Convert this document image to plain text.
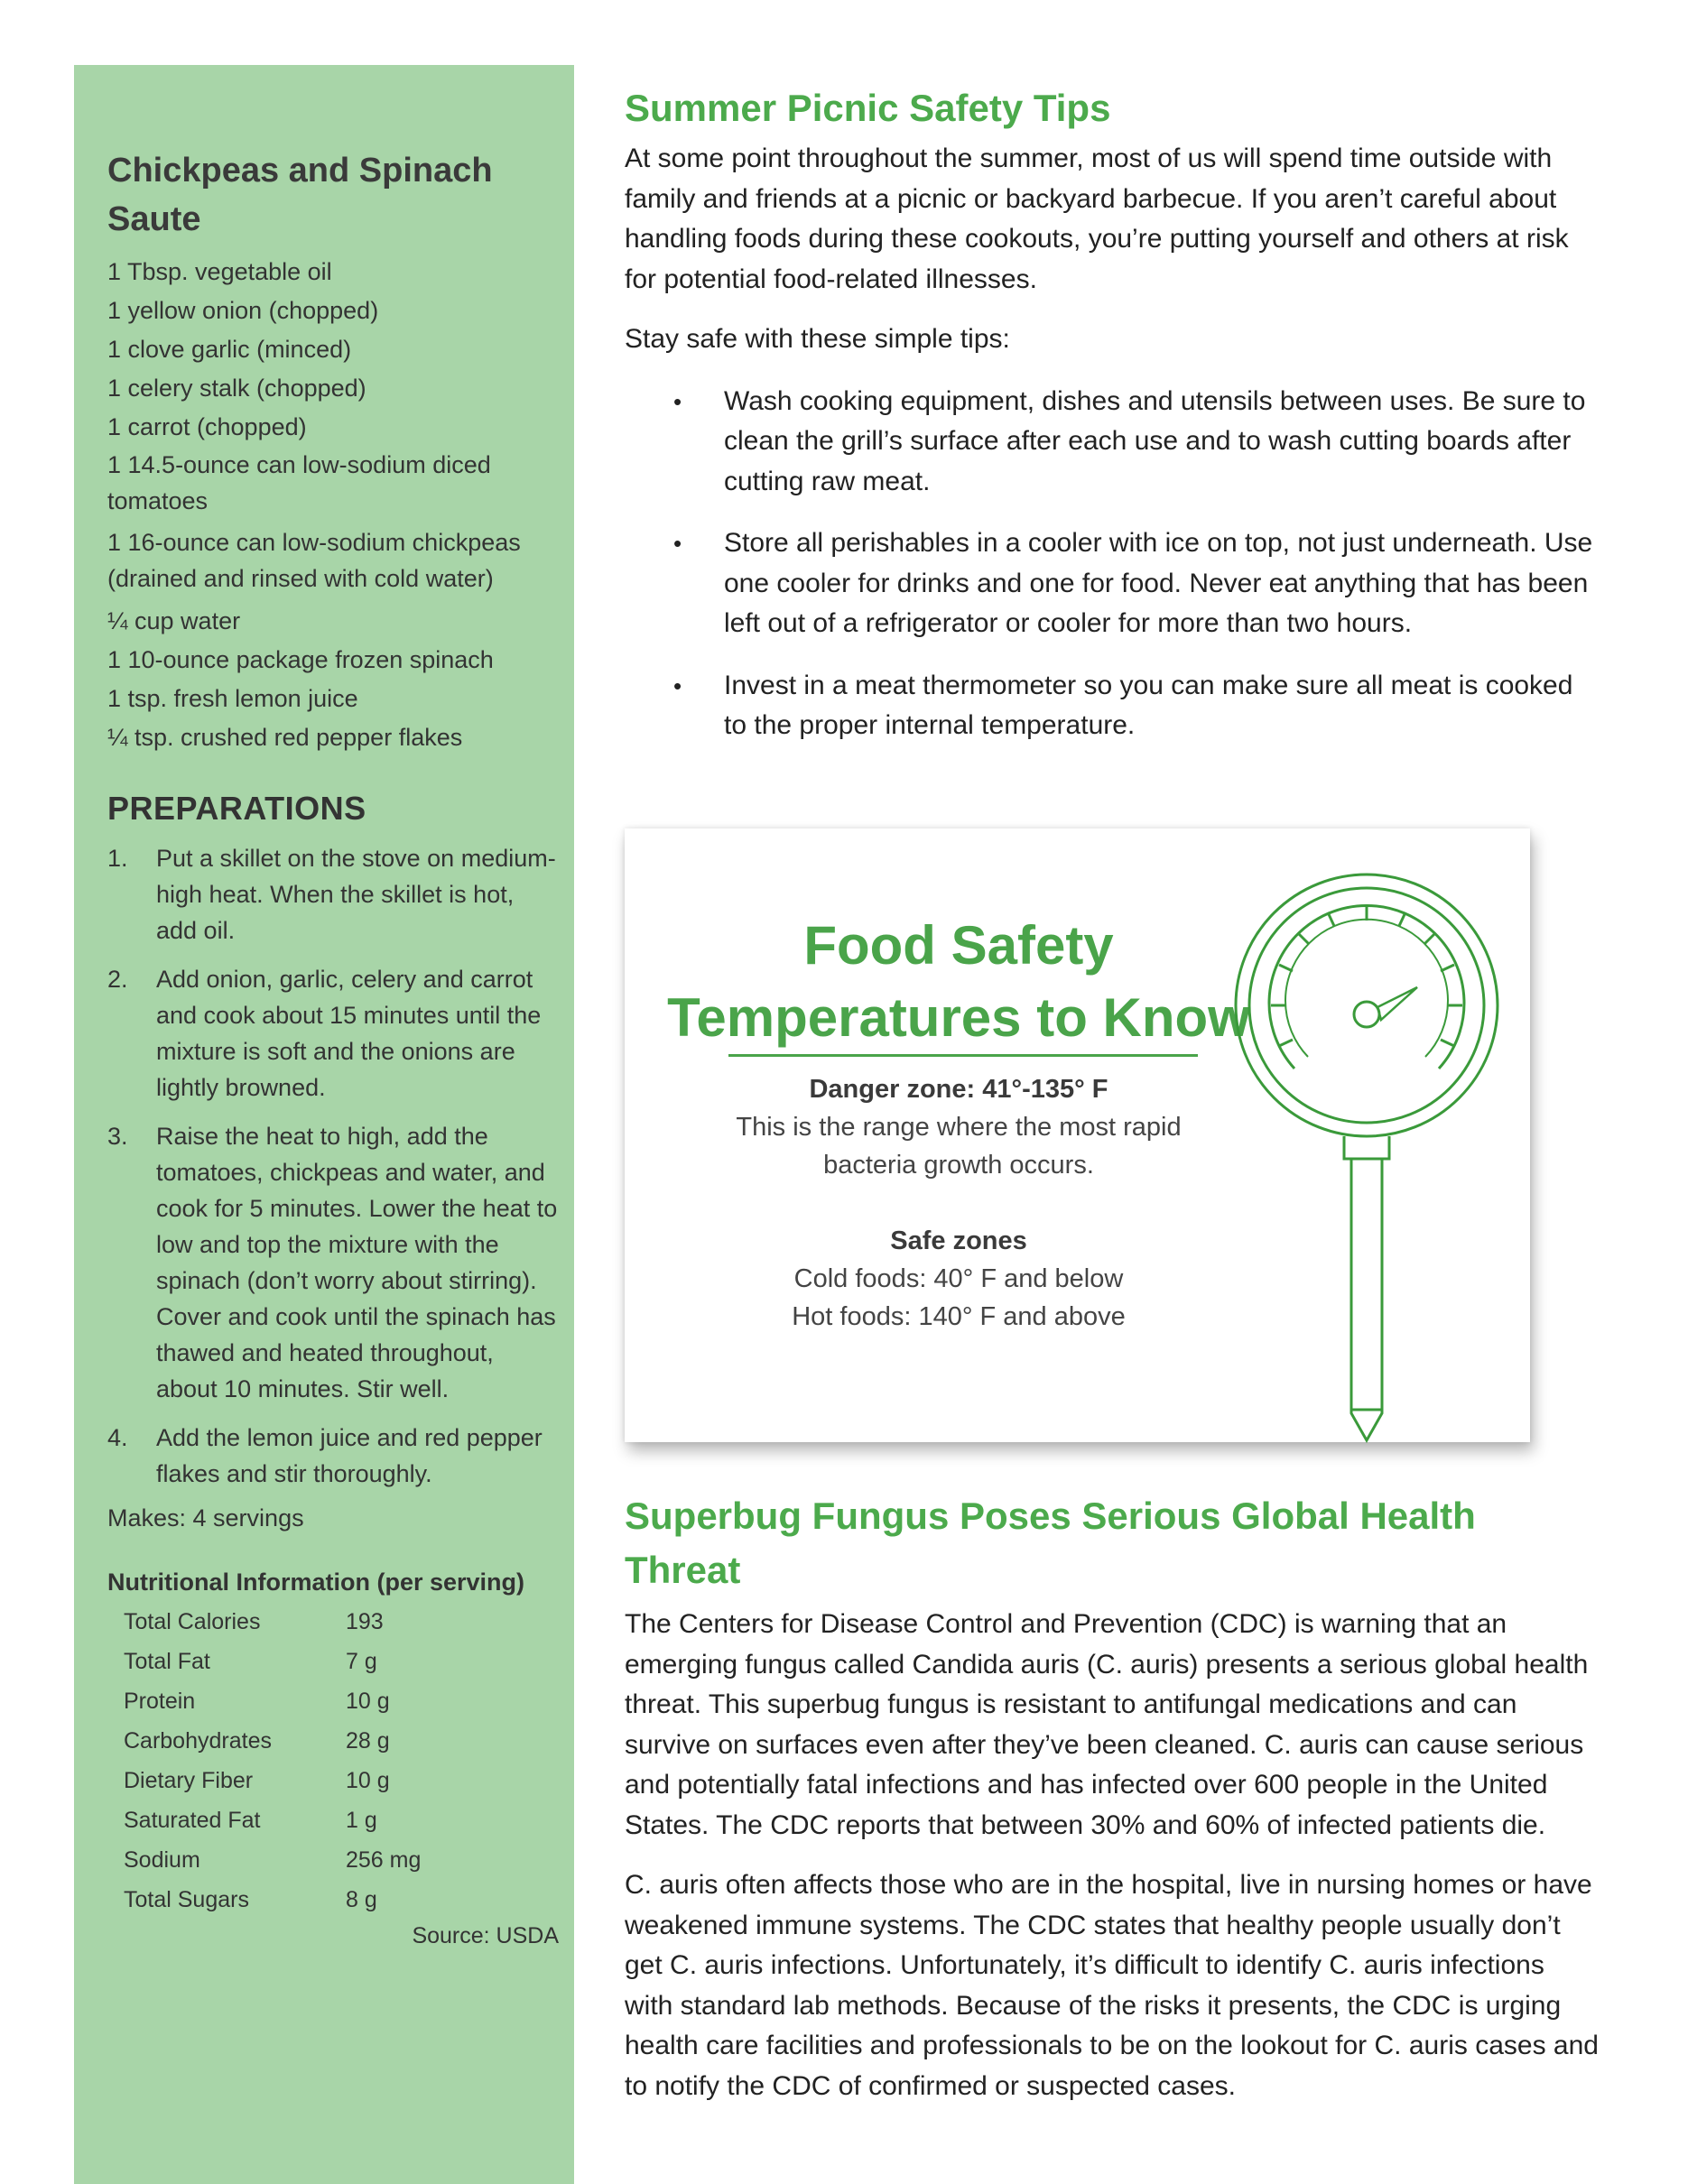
Chickpeas and Spinach Saute
1 Tbsp. vegetable oil
1 yellow onion (chopped)
1 clove garlic (minced)
1 celery stalk (chopped)
1 carrot (chopped)
1 14.5-ounce can low-sodium diced tomatoes
1 16-ounce can low-sodium chickpeas (drained and rinsed with cold water)
¼ cup water
1 10-ounce package frozen spinach
1 tsp. fresh lemon juice
¼ tsp. crushed red pepper flakes
PREPARATIONS
1. Put a skillet on the stove on medium-high heat. When the skillet is hot, add oil.
2. Add onion, garlic, celery and carrot and cook about 15 minutes until the mixture is soft and the onions are lightly browned.
3. Raise the heat to high, add the tomatoes, chickpeas and water, and cook for 5 minutes. Lower the heat to low and top the mixture with the spinach (don’t worry about stirring). Cover and cook until the spinach has thawed and heated throughout, about 10 minutes. Stir well.
4. Add the lemon juice and red pepper flakes and stir thoroughly.
Makes: 4 servings
Nutritional Information (per serving)
Total Calories	193
Total Fat	7 g
Protein	10 g
Carbohydrates	28 g
Dietary Fiber	10 g
Saturated Fat	1 g
Sodium	256 mg
Total Sugars	8 g
Source: USDA
Summer Picnic Safety Tips

At some point throughout the summer, most of us will spend time outside with family and friends at a picnic or backyard barbecue. If you aren’t careful about handling foods during these cookouts, you’re putting yourself and others at risk for potential food-related illnesses.

Stay safe with these simple tips:

• Wash cooking equipment, dishes and utensils between uses. Be sure to clean the grill’s surface after each use and to wash cutting boards after cutting raw meat.
• Store all perishables in a cooler with ice on top, not just underneath. Use one cooler for drinks and one for food. Never eat anything that has been left out of a refrigerator or cooler for more than two hours.
• Invest in a meat thermometer so you can make sure all meat is cooked to the proper internal temperature.
Food Safety
Temperatures to Know
Danger zone: 41°-135° F
This is the range where the most rapid
bacteria growth occurs.
Safe zones
Cold foods: 40° F and below
Hot foods: 140° F and above
Superbug Fungus Poses Serious Global Health Threat

The Centers for Disease Control and Prevention (CDC) is warning that an emerging fungus called Candida auris (C. auris) presents a serious global health threat. This superbug fungus is resistant to antifungal medications and can survive on surfaces even after they’ve been cleaned. C. auris can cause serious and potentially fatal infections and has infected over 600 people in the United States. The CDC reports that between 30% and 60% of infected patients die.

C. auris often affects those who are in the hospital, live in nursing homes or have weakened immune systems. The CDC states that healthy people usually don’t get C. auris infections. Unfortunately, it’s difficult to identify C. auris infections with standard lab methods. Because of the risks it presents, the CDC is urging health care facilities and professionals to be on the lookout for C. auris cases and to notify the CDC of confirmed or suspected cases.
